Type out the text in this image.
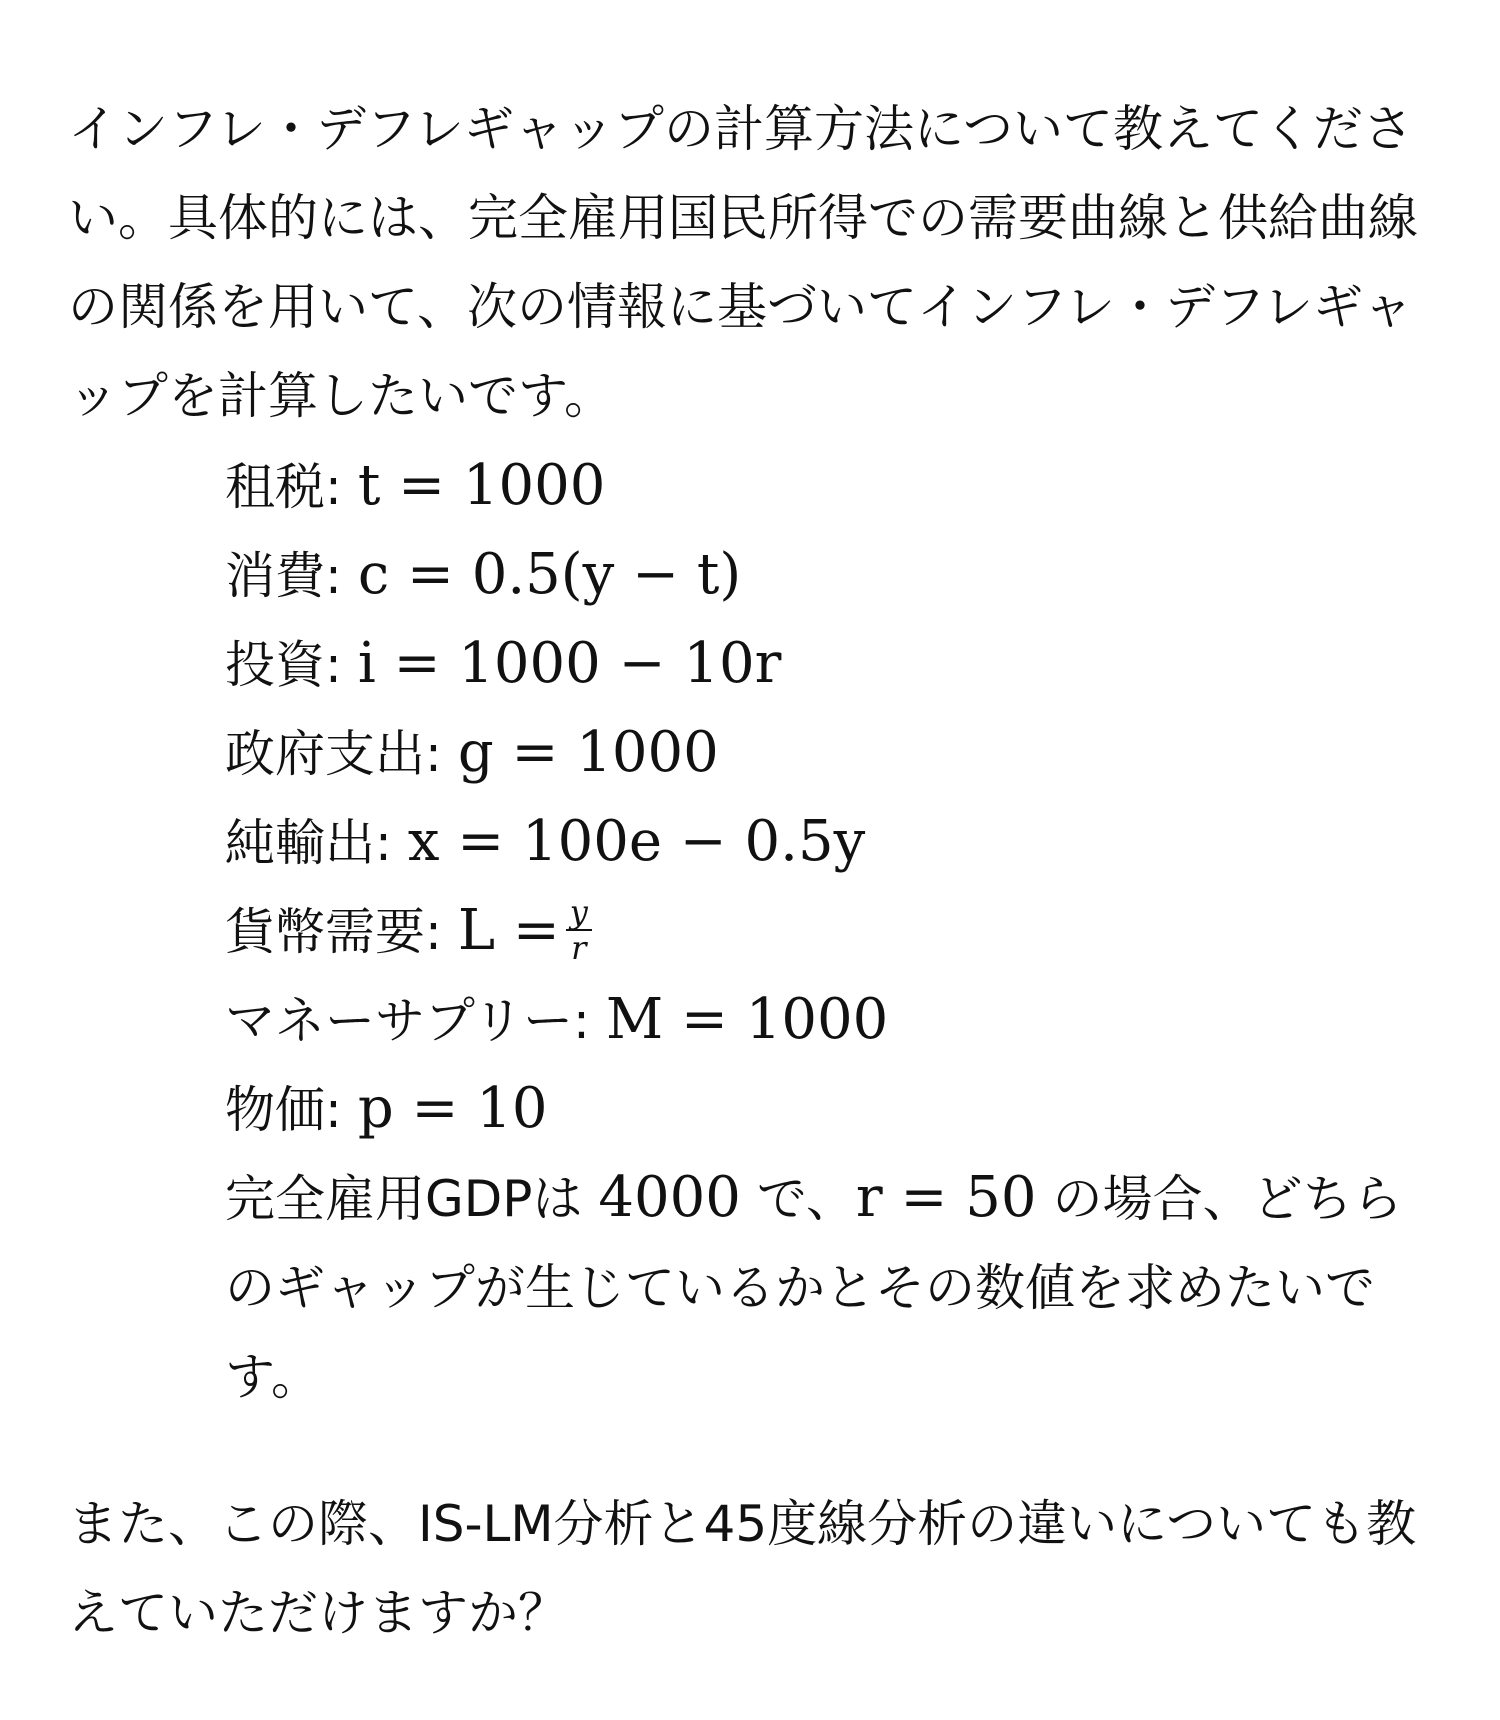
インフレ・デフレギャップの計算方法について教えてください。具体的には、完全雇用国民所得での需要曲線と供給曲線の関係を用いて、次の情報に基づいてインフレ・デフレギャップを計算したいです。

租税: t = 1000
消費: c = 0.5(y − t)
投資: i = 1000 − 10r
政府支出: g = 1000
純輸出: x = 100e − 0.5y
貨幣需要: $L = \frac{y}{r}$
マネーサプリー: M = 1000
物価: p = 10
完全雇用GDPは 4000 で、r = 50 の場合、どちらのギャップが生じているかとその数値を求めたいです。

また、この際、IS-LM分析と45度線分析の違いについても教えていただけますか？
